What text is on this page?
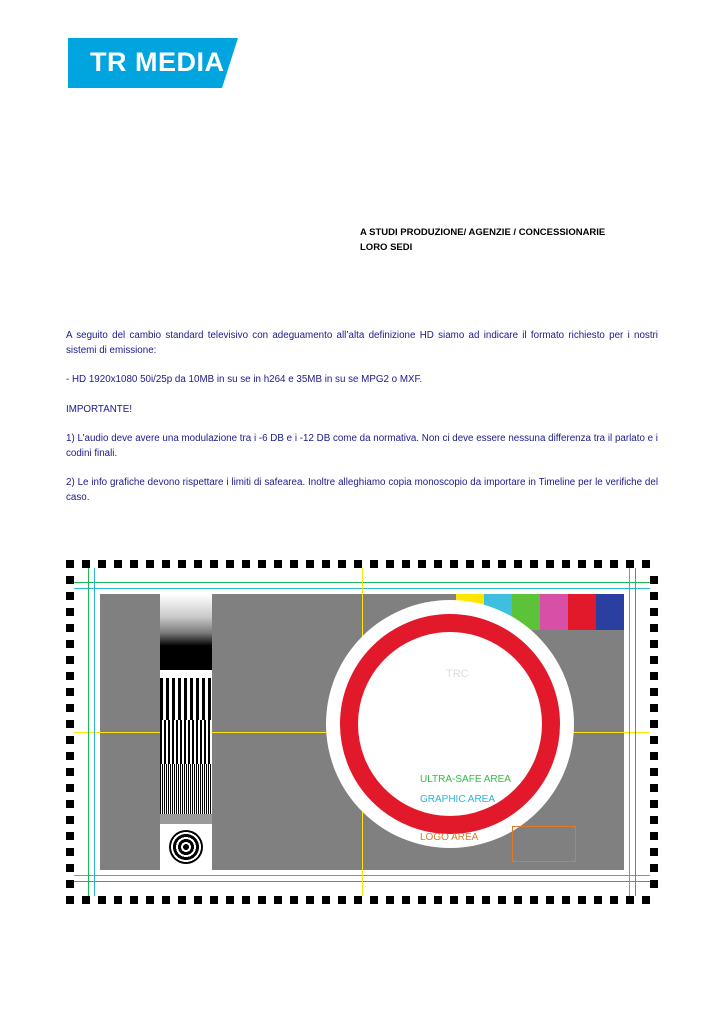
TR MEDIA
A STUDI PRODUZIONE/ AGENZIE / CONCESSIONARIE
LORO SEDI

A seguito del cambio standard televisivo con adeguamento all’alta definizione HD siamo ad indicare il formato richiesto per i nostri sistemi di emissione:

- HD 1920x1080 50i/25p da 10MB in su se in h264 e 35MB in su se MPG2 o MXF.

IMPORTANTE!

1) L’audio deve avere una modulazione tra i -6 DB e i -12 DB come da normativa. Non ci deve essere nessuna differenza tra il parlato e i codini finali.

2) Le info grafiche devono rispettare i limiti di safearea. Inoltre alleghiamo copia monoscopio da importare in Timeline per le verifiche del caso.

TRC
ULTRA-SAFE AREA
GRAPHIC AREA
LOGO AREA
